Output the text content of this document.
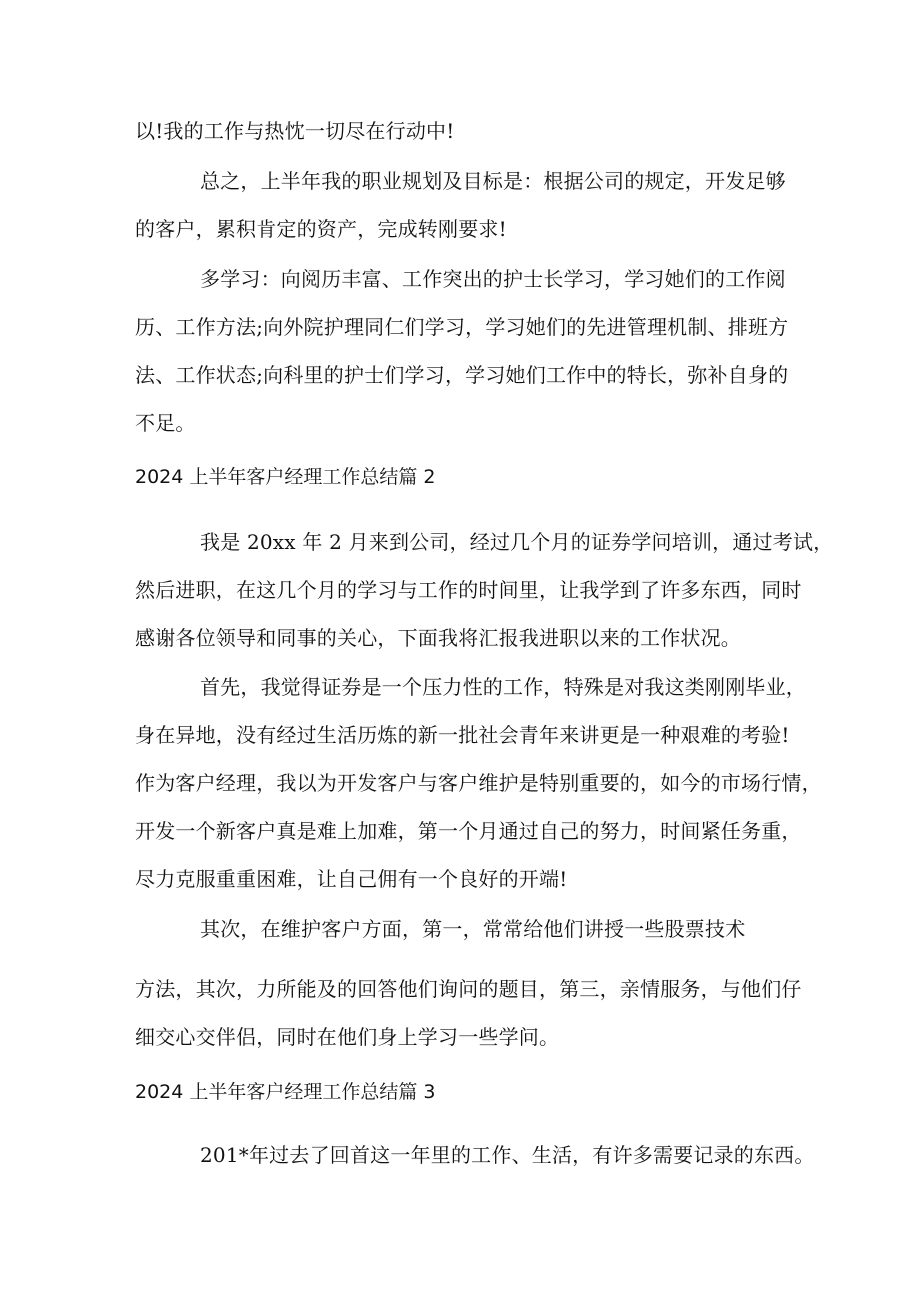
以!我的工作与热忱一切尽在行动中!
总之，上半年我的职业规划及目标是：根据公司的规定，开发足够
的客户，累积肯定的资产，完成转刚要求!
多学习：向阅历丰富、工作突出的护士长学习，学习她们的工作阅
历、工作方法;向外院护理同仁们学习，学习她们的先进管理机制、排班方
法、工作状态;向科里的护士们学习，学习她们工作中的特长，弥补自身的
不足。
2024 上半年客户经理工作总结篇 2
我是 20xx 年 2 月来到公司，经过几个月的证券学问培训，通过考试，
然后进职，在这几个月的学习与工作的时间里，让我学到了许多东西，同时
感谢各位领导和同事的关心，下面我将汇报我进职以来的工作状况。
首先，我觉得证券是一个压力性的工作，特殊是对我这类刚刚毕业，
身在异地，没有经过生活历炼的新一批社会青年来讲更是一种艰难的考验!
作为客户经理，我以为开发客户与客户维护是特别重要的，如今的市场行情，
开发一个新客户真是难上加难，第一个月通过自己的努力，时间紧任务重，
尽力克服重重困难，让自己佣有一个良好的开端!
其次，在维护客户方面，第一，常常给他们讲授一些股票技术
方法，其次，力所能及的回答他们询问的题目，第三，亲情服务，与他们仔
细交心交伴侣，同时在他们身上学习一些学问。
2024 上半年客户经理工作总结篇 3
201*年过去了回首这一年里的工作、生活，有许多需要记录的东西。
